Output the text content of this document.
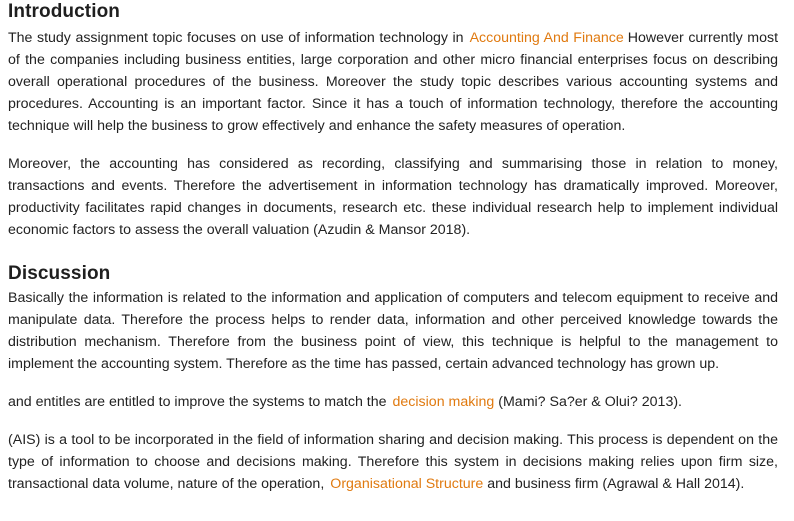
Introduction

The study assignment topic focuses on use of information technology in Accounting And Finance However currently most of the companies including business entities, large corporation and other micro financial enterprises focus on describing overall operational procedures of the business. Moreover the study topic describes various accounting systems and procedures. Accounting is an important factor. Since it has a touch of information technology, therefore the accounting technique will help the business to grow effectively and enhance the safety measures of operation.

Moreover, the accounting has considered as recording, classifying and summarising those in relation to money, transactions and events. Therefore the advertisement in information technology has dramatically improved. Moreover, productivity facilitates rapid changes in documents, research etc. these individual research help to implement individual economic factors to assess the overall valuation (Azudin & Mansor 2018).

Discussion

Basically the information is related to the information and application of computers and telecom equipment to receive and manipulate data. Therefore the process helps to render data, information and other perceived knowledge towards the distribution mechanism. Therefore from the business point of view, this technique is helpful to the management to implement the accounting system. Therefore as the time has passed, certain advanced technology has grown up.

and entitles are entitled to improve the systems to match the decision making (Mami? Sa?er & Olui? 2013).

(AIS) is a tool to be incorporated in the field of information sharing and decision making. This process is dependent on the type of information to choose and decisions making. Therefore this system in decisions making relies upon firm size, transactional data volume, nature of the operation, Organisational Structure and business firm (Agrawal & Hall 2014).
